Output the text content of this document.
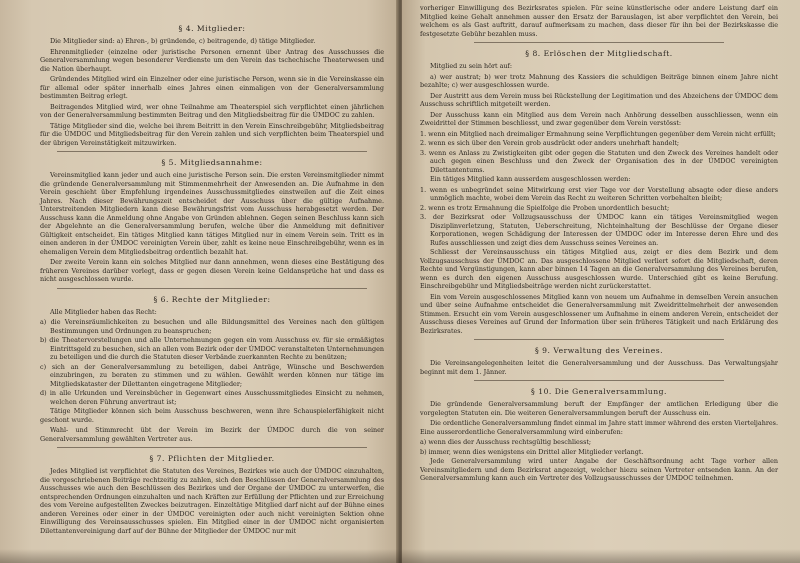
§ 4. Mitglieder:

Die Mitglieder sind: a) Ehren-, b) gründende, c) beitragende, d) tätige Mitglieder.

Ehrenmitglieder (einzelne oder juristische Personen ernennt über Antrag des Ausschusses die Generalversammlung wegen besonderer Verdienste um den Verein das tschechische Theaterwesen und die Nation überhaupt.

Gründendes Mitglied wird ein Einzelner oder eine juristische Person, wenn sie in die Vereinskasse ein für allemal oder später innerhalb eines Jahres einen einmaligen von der Generalversammlung bestimmten Beitrag erlegt.

Beitragendes Mitglied wird, wer ohne Teilnahme am Theaterspiel sich verpflichtet einen jährlichen von der Generalversammlung bestimmten Beitrag und den Mitgliedsbeitrag für die ÚMDOC zu zahlen.

Tätige Mitglieder sind die, welche bei ihrem Beitritt in den Verein Einschreibgebühr, Mitgliedsbeitrag für die ÚMDOC und Mitgliedsbeitrag für den Verein zahlen und sich verpflichten beim Theaterspiel und der übrigen Vereinstätigkeit mitzuwirken.

§ 5. Mitgliedsannahme:

Vereinsmitglied kann jeder und auch eine juristische Person sein. Die ersten Vereinsmitglieder nimmt die gründende Generalversammlung mit Stimmenmehrheit der Anwesenden an. Die Aufnahme in den Verein geschieht über Empfehlung irgendeines Ausschussmitgliedes einstweilen auf die Zeit eines Jahres. Nach dieser Bewährungszeit entscheidet der Ausschuss über die gültige Aufnahme. Unterstreitenden Mitgliedern kann diese Bewährungsfrist vom Ausschuss herabgesetzt werden. Der Ausschuss kann die Anmeldung ohne Angabe von Gründen ablehnen. Gegen seinen Beschluss kann sich der Abgelehnte an die Generalversammlung berufen, welche über die Anmeldung mit definitiver Gültigkeit entscheidet. Ein tätiges Mitglied kann tätiges Mitglied nur in einem Verein sein. Tritt es in einen anderen in der ÚMDOC vereinigten Verein über, zahlt es keine neue Einschreibgebühr, wenn es in ehemaligen Verein dem Mitgliedsbeitrag ordentlich bezahlt hat.

Der zweite Verein kann ein solches Mitglied nur dann annehmen, wenn dieses eine Bestätigung des früheren Vereines darüber vorlegt, dass er gegen diesen Verein keine Geldansprüche hat und dass es nicht ausgeschlossen wurde.

§ 6. Rechte der Mitglieder:

Alle Mitglieder haben das Recht:

a) die Vereinsräumlichkeiten zu besuchen und alle Bildungsmittel des Vereines nach den gültigen Bestimmungen und Ordnungen zu beanspruchen;

b) die Theatervorstellungen und alle Unternehmungen gegen ein vom Ausschuss ev. für sie ermäßigtes Eintrittsgeld zu besuchen, sich an allen vom Bezirk oder der ÚMDOC veranstalteten Unternehmungen zu beteiligen und die durch die Statuten dieser Verbände zuerkannten Rechte zu benützen;

c) sich an der Generalversammlung zu beteiligen, dabei Anträge, Wünsche und Beschwerden einzubringen, zu beraten zu stimmen und zu wählen. Gewählt werden können nur tätige im Mitgliedskataster der Dilettanten eingetragene Mitglieder;

d) in alle Urkunden und Vereinsbücher in Gegenwart eines Ausschussmitgliedes Einsicht zu nehmen, welchen deren Führung anvertraut ist;

Tätige Mitglieder können sich beim Ausschuss beschweren, wenn ihre Schauspielerfähigkeit nicht geschont wurde.

Wahl- und Stimmrecht übt der Verein im Bezirk der ÚMDOC durch die von seiner Generalversammlung gewählten Vertreter aus.

§ 7. Pflichten der Mitglieder.

Jedes Mitglied ist verpflichtet die Statuten des Vereines, Bezirkes wie auch der ÚMDOC einzuhalten, die vorgeschriebenen Beiträge rechtzeitig zu zahlen, sich den Beschlüssen der Generalversammlung des Ausschusses wie auch den Beschlüssen des Bezirkes und der Organe der ÚMDOC zu unterwerfen, die entsprechenden Ordnungen einzuhalten und nach Kräften zur Erfüllung der Pflichten und zur Erreichung des vom Vereine aufgestellten Zweckes beizutragen. Einzeltätige Mitglied darf nicht auf der Bühne eines anderen Vereines oder einer in der ÚMDOC vereinigten oder auch nicht vereinigten Sektion ohne Einwilligung des Vereinsausschusses spielen. Ein Mitglied einer in der ÚMDOC nicht organisierten Dilettantenvereinigung darf auf der Bühne der Mitglieder der ÚMDOC nur mit

vorheriger Einwilligung des Bezirksrates spielen. Für seine künstlerische oder andere Leistung darf ein Mitglied keine Gehalt annehmen ausser den Ersatz der Barauslagen, ist aber verpflichtet den Verein, bei welchem es als Gast auftritt, darauf aufmerksam zu machen, dass dieser für ihn bei der Bezirkskasse die festgesetzte Gebühr bezahlen muss.

§ 8. Erlöschen der Mitgliedschaft.

Mitglied zu sein hört auf:

a) wer austrat; b) wer trotz Mahnung des Kassiers die schuldigen Beiträge binnen einem Jahre nicht bezahlte; c) wer ausgeschlossen wurde.

Der Austritt aus dem Verein muss bei Rückstellung der Legitimation und des Abzeichens der ÚMDOC dem Ausschuss schriftlich mitgeteilt werden.

Der Ausschuss kann ein Mitglied aus dem Verein nach Anhörung desselben ausschliessen, wenn ein Zweidrittel der Stimmen beschliesst, und zwar gegenüber dem Verein verstösst:

1. wenn ein Mitglied nach dreimaliger Ermahnung seine Verpflichtungen gegenüber dem Verein nicht erfüllt;

2. wenn es sich über den Verein grob ausdrückt oder anders unehrhaft handelt;

3. wenn es Anlass zu Zwistigkeiten gibt oder gegen die Statuten und den Zweck des Vereines handelt oder auch gegen einen Beschluss und den Zweck der Organisation des in der ÚMDOC vereinigten Dilettantentums.

Ein tätiges Mitglied kann ausserdem ausgeschlossen werden:

1. wenn es unbegründet seine Mitwirkung erst vier Tage vor der Vorstellung absagte oder diese anders unmöglich machte, wobei dem Verein das Recht zu weiteren Schritten vorbehalten bleibt;

2. wenn es trotz Ermahnung die Spielfolge die Proben unordentlich besucht;

3. der Bezirksrat oder Vollzugsausschuss der ÚMDOC kann ein tätiges Vereinsmitglied wegen Disziplinverletzung, Statuten, Ueberschreitung, Nichteinhaltung der Beschlüsse der Organe dieser Korporationen, wegen Schädigung der Interessen der ÚMDOC oder im Interesse deren Ehre und des Rufes ausschliessen und zeigt dies dem Ausschuss seines Vereines an.

Schliesst der Vereinsausschuss ein tätiges Mitglied aus, zeigt er dies dem Bezirk und dem Vollzugsausschuss der ÚMDOC an. Das ausgeschlossene Mitglied verliert sofort die Mitgliedschaft, deren Rechte und Vergünstigungen, kann aber binnen 14 Tagen an die Generalversammlung des Vereines berufen, wenn es durch den eigenen Ausschuss ausgeschlossen wurde. Unterschied gibt es keine Berufung. Einschreibgebühr und Mitgliedsbeiträge werden nicht zurückerstattet.

Ein vom Verein ausgeschlossenes Mitglied kann von neuem um Aufnahme in demselben Verein ansuchen und über seine Aufnahme entscheidet die Generalversammlung mit Zweidrittelmehrheit der anwesenden Stimmen. Ersucht ein vom Verein ausgeschlossener um Aufnahme in einem anderen Verein, entscheidet der Ausschuss dieses Vereines auf Grund der Information über sein früheres Tätigkeit und nach Erklärung des Bezirksrates.

§ 9. Verwaltung des Vereines.

Die Vereinsangelegenheiten leitet die Generalversammlung und der Ausschuss. Das Verwaltungsjahr beginnt mit dem 1. Jänner.

§ 10. Die Generalversammlung.

Die gründende Generalversammlung beruft der Empfänger der amtlichen Erledigung über die vorgelegten Statuten ein. Die weiteren Generalversammlungen beruft der Ausschuss ein.

Die ordentliche Generalversammlung findet einmal im Jahre statt immer während des ersten Vierteljahres. Eine ausserordentliche Generalversammlung wird einberufen:

a) wenn dies der Ausschuss rechtsgültig beschliesst;

b) immer, wenn dies wenigstens ein Drittel aller Mitglieder verlangt.

Jede Generalversammlung wird unter Angabe der Geschäftsordnung acht Tage vorher allen Vereinsmitgliedern und dem Bezirksrat angezeigt, welcher hiezu seinen Vertreter entsenden kann. An der Generalversammlung kann auch ein Vertreter des Vollzugsausschusses der ÚMDOC teilnehmen.
